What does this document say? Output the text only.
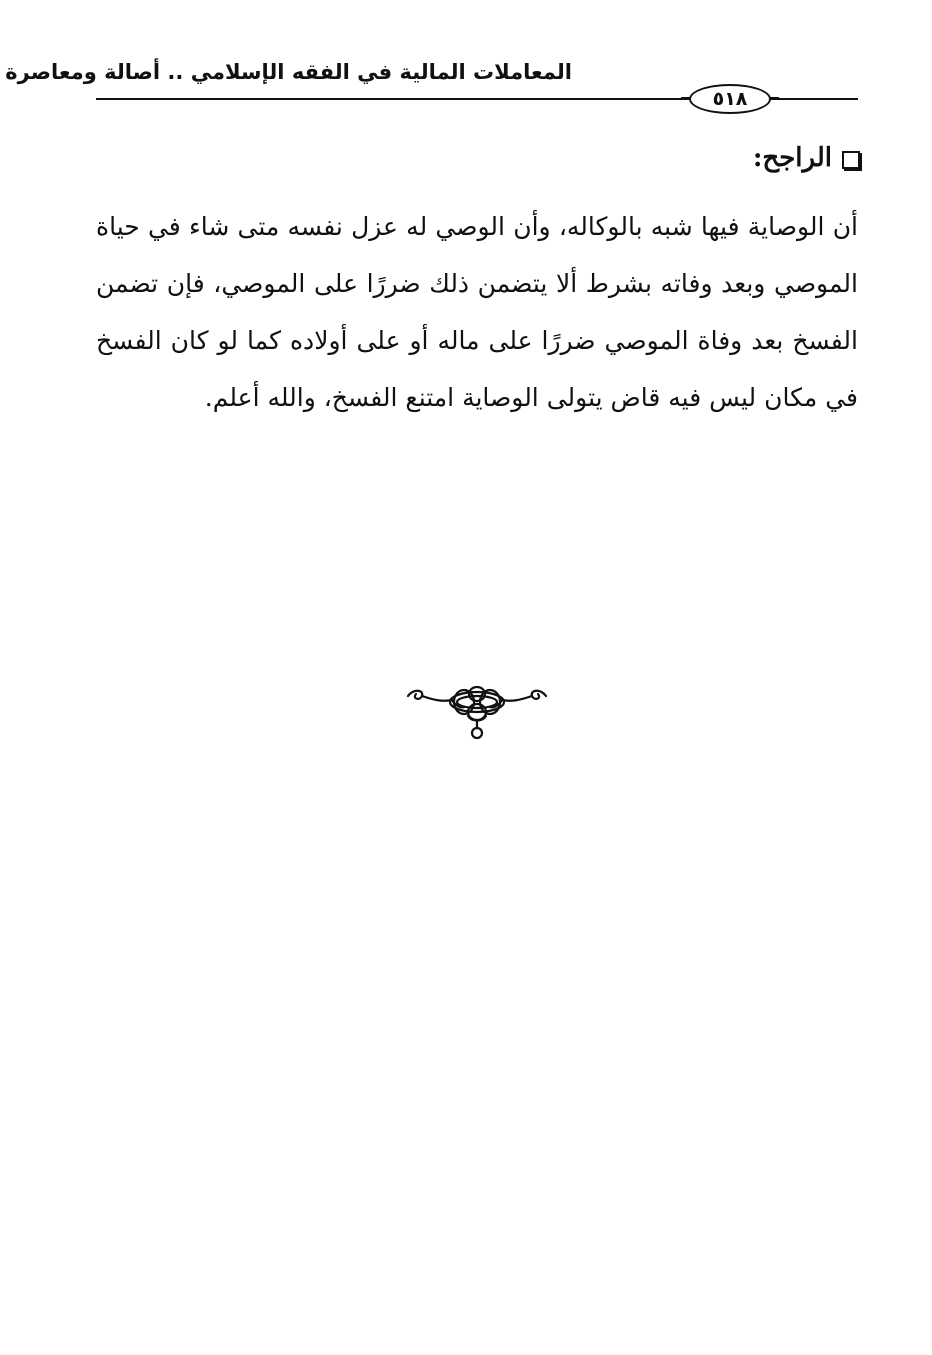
المعاملات المالية في الفقه الإسلامي .. أصالة ومعاصرة
٥١٨
الراجح:

أن الوصاية فيها شبه بالوكاله، وأن الوصي له عزل نفسه متى شاء في حياة الموصي وبعد وفاته بشرط ألا يتضمن ذلك ضررًا على الموصي، فإن تضمن الفسخ بعد وفاة الموصي ضررًا على ماله أو على أولاده كما لو كان الفسخ في مكان ليس فيه قاض يتولى الوصاية امتنع الفسخ، والله أعلم.
